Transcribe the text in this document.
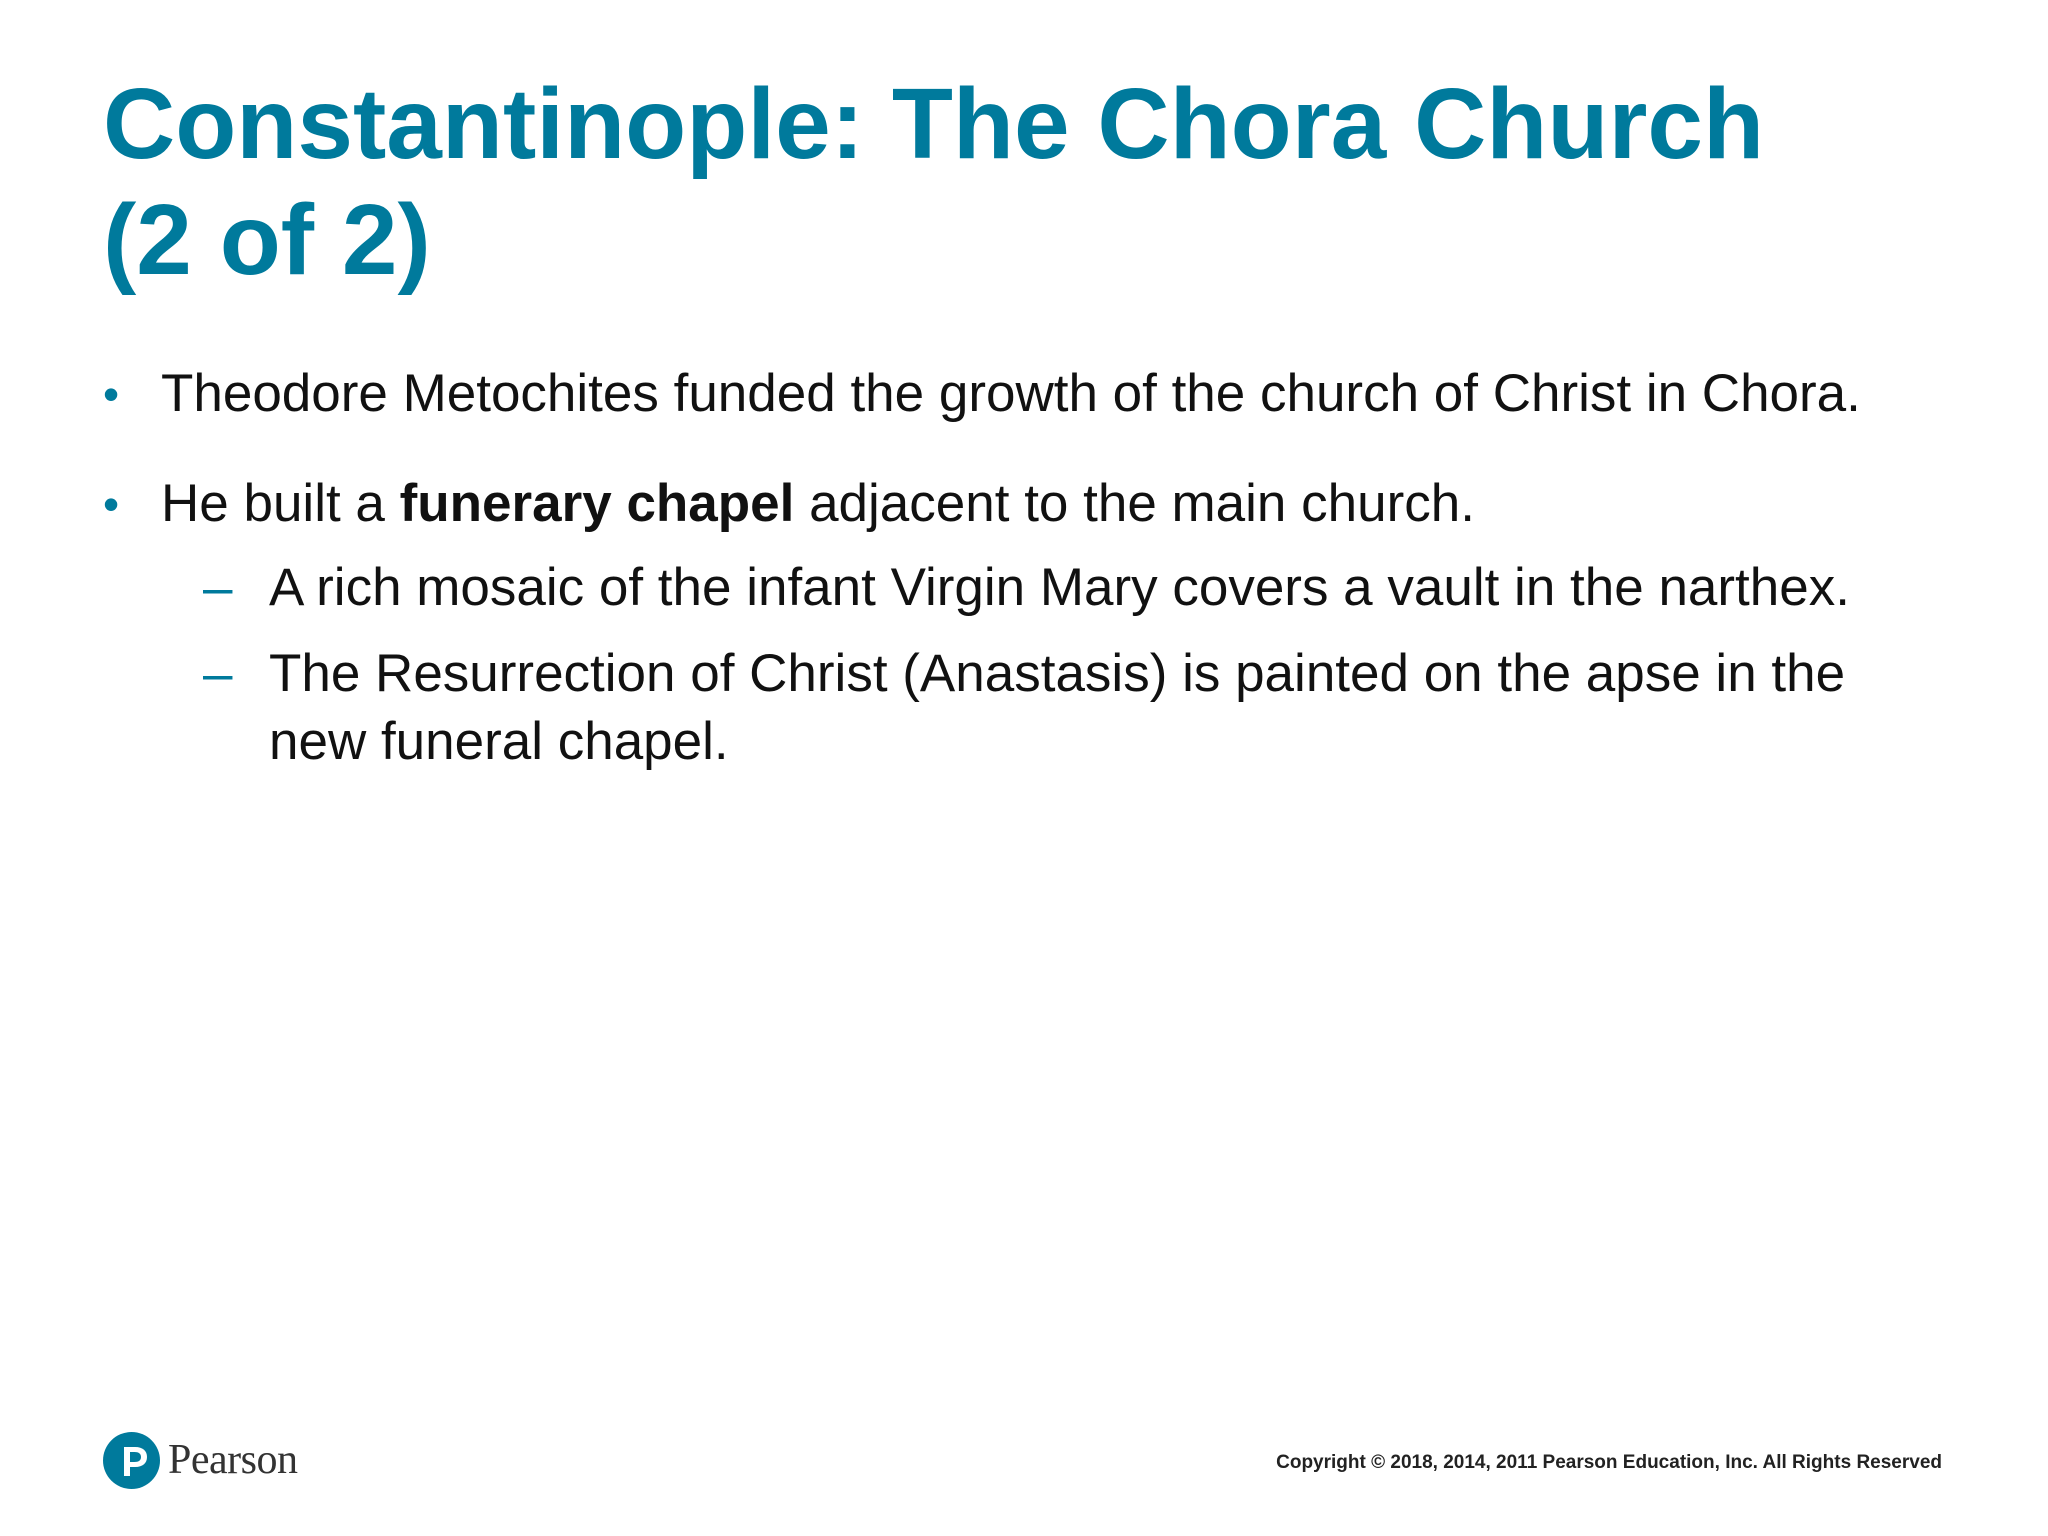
Constantinople: The Chora Church
(2 of 2)
• Theodore Metochites funded the growth of the church of Christ in Chora.
• He built a funerary chapel adjacent to the main church.
– A rich mosaic of the infant Virgin Mary covers a vault in the narthex.
– The Resurrection of Christ (Anastasis) is painted on the apse in the new funeral chapel.
Pearson	Copyright © 2018, 2014, 2011 Pearson Education, Inc. All Rights Reserved
